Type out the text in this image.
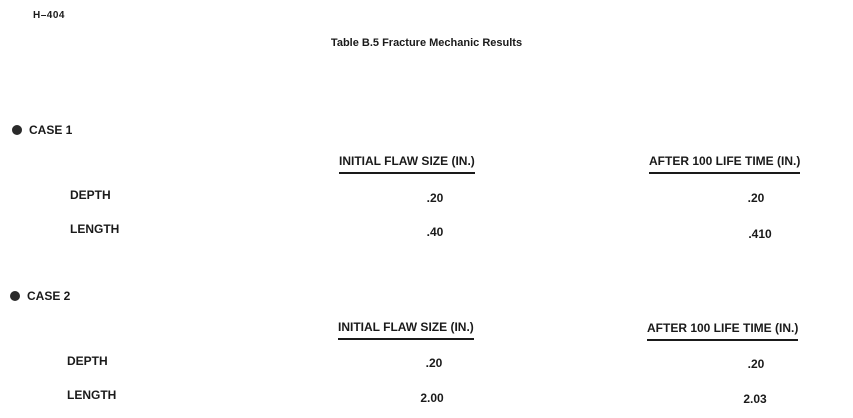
H–404
Table B.5 Fracture Mechanic Results
CASE 1
INITIAL FLAW SIZE (IN.)	AFTER 100 LIFE TIME (IN.)
DEPTH	.20	.20
LENGTH	.40	.410
CASE 2
INITIAL FLAW SIZE (IN.)	AFTER 100 LIFE TIME (IN.)
DEPTH	.20	.20
LENGTH	2.00	2.03
